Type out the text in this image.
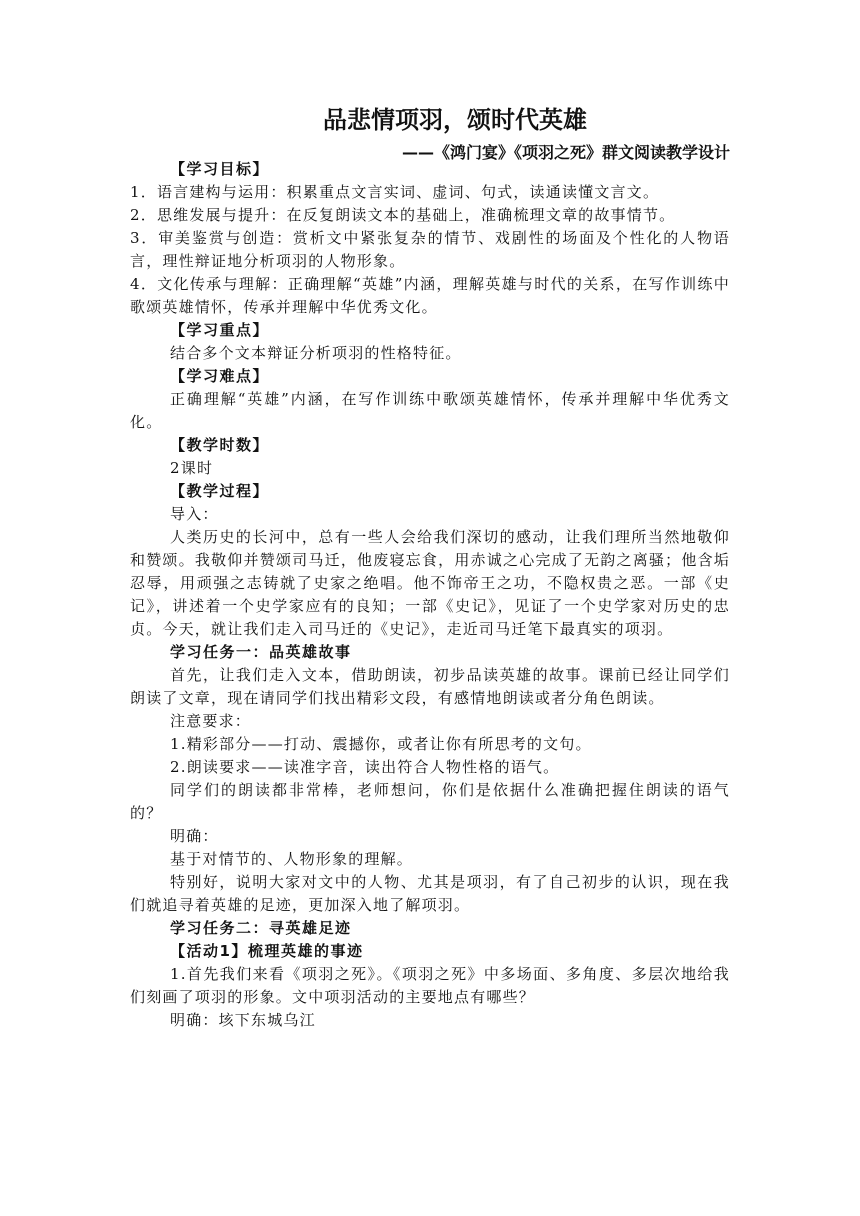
品悲情项羽，颂时代英雄
——《鸿门宴》《项羽之死》群文阅读教学设计

【学习目标】

1．语言建构与运用：积累重点文言实词、虚词、句式，读通读懂文言文。

2．思维发展与提升：在反复朗读文本的基础上，准确梳理文章的故事情节。

3．审美鉴赏与创造：赏析文中紧张复杂的情节、戏剧性的场面及个性化的人物语言，理性辩证地分析项羽的人物形象。

4．文化传承与理解：正确理解“英雄”内涵，理解英雄与时代的关系，在写作训练中歌颂英雄情怀，传承并理解中华优秀文化。

【学习重点】

结合多个文本辩证分析项羽的性格特征。

【学习难点】

正确理解“英雄”内涵，在写作训练中歌颂英雄情怀，传承并理解中华优秀文化。

【教学时数】

2课时

【教学过程】

导入：

人类历史的长河中，总有一些人会给我们深切的感动，让我们理所当然地敬仰和赞颂。我敬仰并赞颂司马迁，他废寝忘食，用赤诚之心完成了无韵之离骚；他含垢忍辱，用顽强之志铸就了史家之绝唱。他不饰帝王之功，不隐权贵之恶。一部《史记》，讲述着一个史学家应有的良知；一部《史记》，见证了一个史学家对历史的忠贞。今天，就让我们走入司马迁的《史记》，走近司马迁笔下最真实的项羽。

学习任务一：品英雄故事

首先，让我们走入文本，借助朗读，初步品读英雄的故事。课前已经让同学们朗读了文章，现在请同学们找出精彩文段，有感情地朗读或者分角色朗读。

注意要求：

1.精彩部分——打动、震撼你，或者让你有所思考的文句。

2.朗读要求——读准字音，读出符合人物性格的语气。

同学们的朗读都非常棒，老师想问，你们是依据什么准确把握住朗读的语气的？

明确：

基于对情节的、人物形象的理解。

特别好，说明大家对文中的人物、尤其是项羽，有了自己初步的认识，现在我们就追寻着英雄的足迹，更加深入地了解项羽。

学习任务二：寻英雄足迹

【活动1】梳理英雄的事迹

1.首先我们来看《项羽之死》。《项羽之死》中多场面、多角度、多层次地给我们刻画了项羽的形象。文中项羽活动的主要地点有哪些？

明确：垓下东城乌江
